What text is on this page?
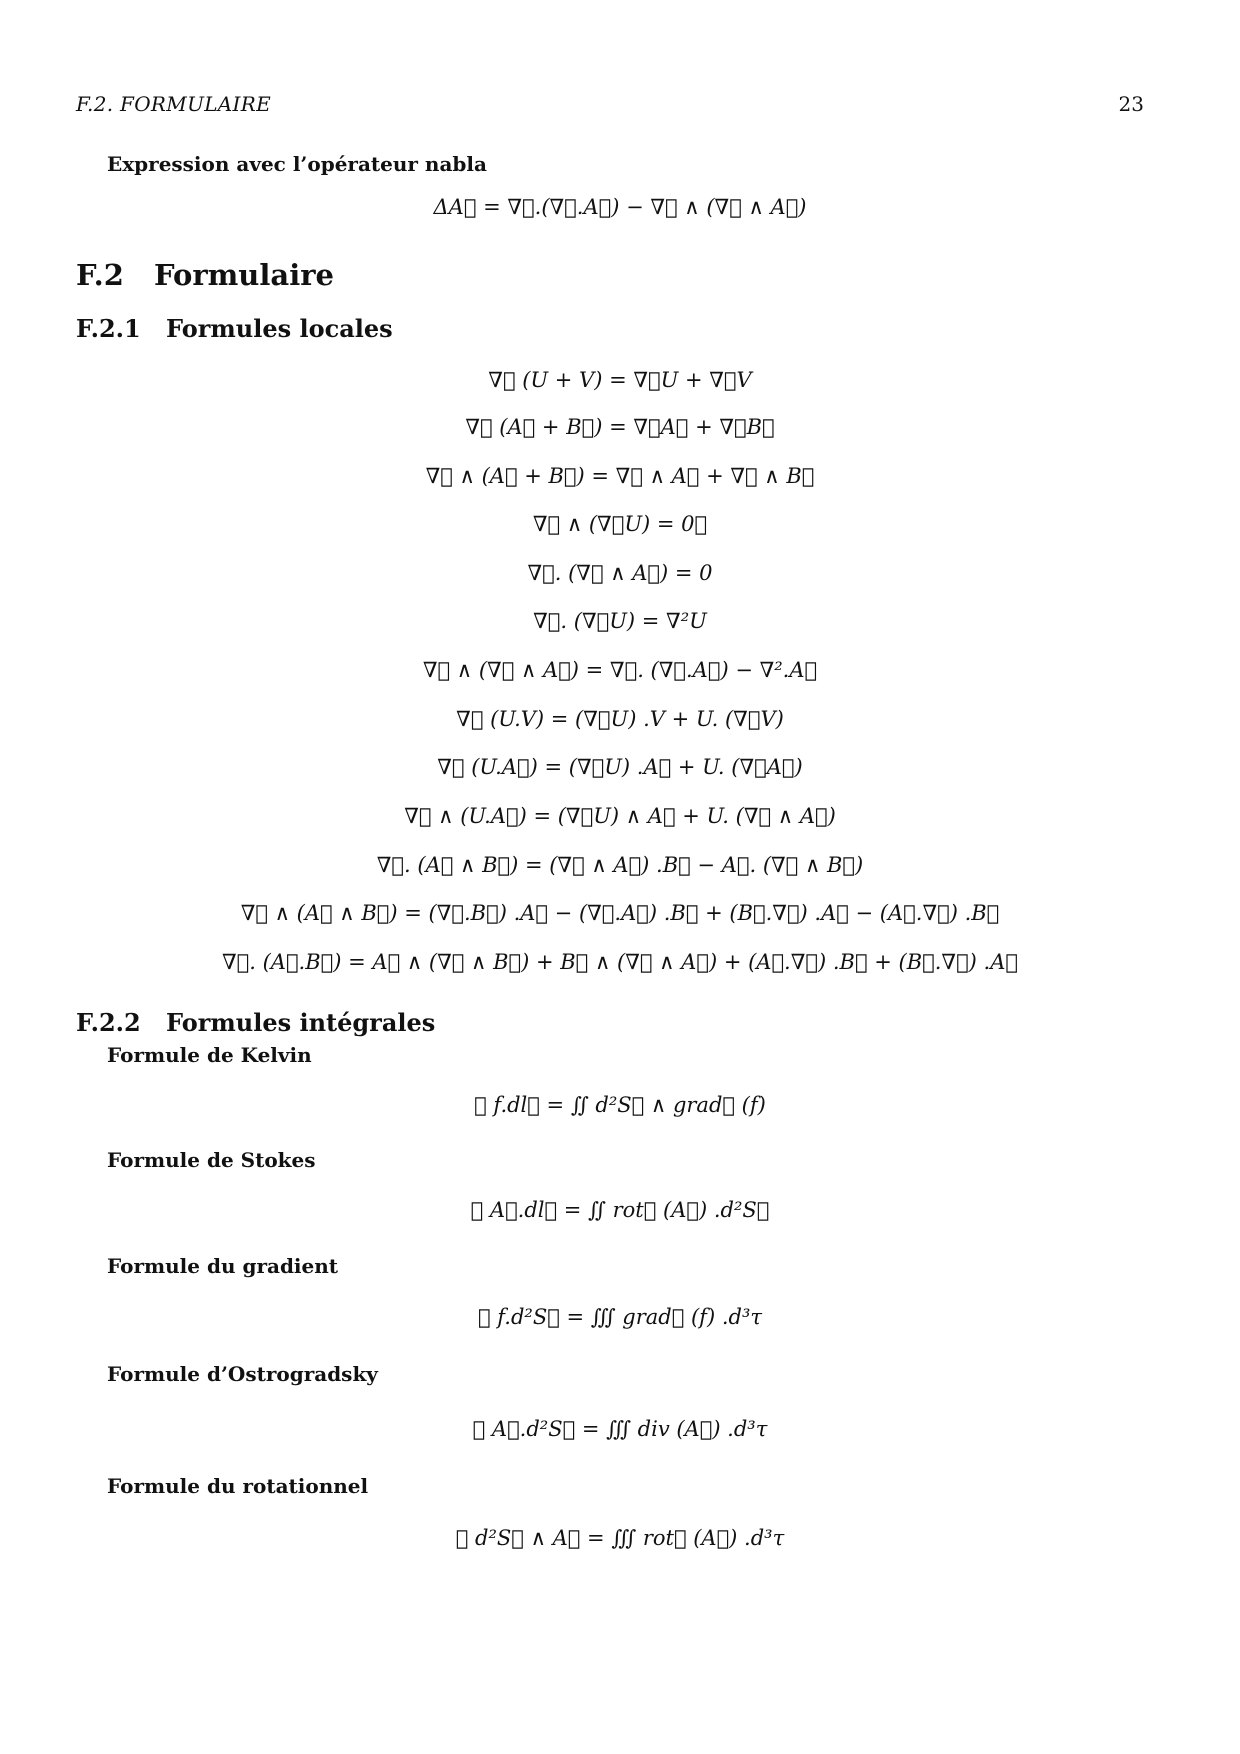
F.2. FORMULAIRE	23
Expression avec l’opérateur nabla
ΔA⃗ = ∇⃗.(∇⃗.A⃗) − ∇⃗ ∧ (∇⃗ ∧ A⃗)
F.2 Formulaire
F.2.1 Formules locales
∇⃗ (U + V) = ∇⃗U + ∇⃗V
∇⃗ (A⃗ + B⃗) = ∇⃗A⃗ + ∇⃗B⃗
∇⃗ ∧ (A⃗ + B⃗) = ∇⃗ ∧ A⃗ + ∇⃗ ∧ B⃗
∇⃗ ∧ (∇⃗U) = 0⃗
∇⃗. (∇⃗ ∧ A⃗) = 0
∇⃗. (∇⃗U) = ∇²U
∇⃗ ∧ (∇⃗ ∧ A⃗) = ∇⃗. (∇⃗.A⃗) − ∇².A⃗
∇⃗ (U.V) = (∇⃗U) .V + U. (∇⃗V)
∇⃗ (U.A⃗) = (∇⃗U) .A⃗ + U. (∇⃗A⃗)
∇⃗ ∧ (U.A⃗) = (∇⃗U) ∧ A⃗ + U. (∇⃗ ∧ A⃗)
∇⃗. (A⃗ ∧ B⃗) = (∇⃗ ∧ A⃗) .B⃗ − A⃗. (∇⃗ ∧ B⃗)
∇⃗ ∧ (A⃗ ∧ B⃗) = (∇⃗.B⃗) .A⃗ − (∇⃗.A⃗) .B⃗ + (B⃗.∇⃗) .A⃗ − (A⃗.∇⃗) .B⃗
∇⃗. (A⃗.B⃗) = A⃗ ∧ (∇⃗ ∧ B⃗) + B⃗ ∧ (∇⃗ ∧ A⃗) + (A⃗.∇⃗) .B⃗ + (B⃗.∇⃗) .A⃗
F.2.2 Formules intégrales
Formule de Kelvin
∮ f.dl⃗ = ∬ d²S⃗ ∧ grad⃗ (f)
Formule de Stokes
∮ A⃗.dl⃗ = ∬ rot⃗ (A⃗) .d²S⃗
Formule du gradient
∯ f.d²S⃗ = ∭ grad⃗ (f) .d³τ
Formule d’Ostrogradsky
∯ A⃗.d²S⃗ = ∭ div (A⃗) .d³τ
Formule du rotationnel
∯ d²S⃗ ∧ A⃗ = ∭ rot⃗ (A⃗) .d³τ
